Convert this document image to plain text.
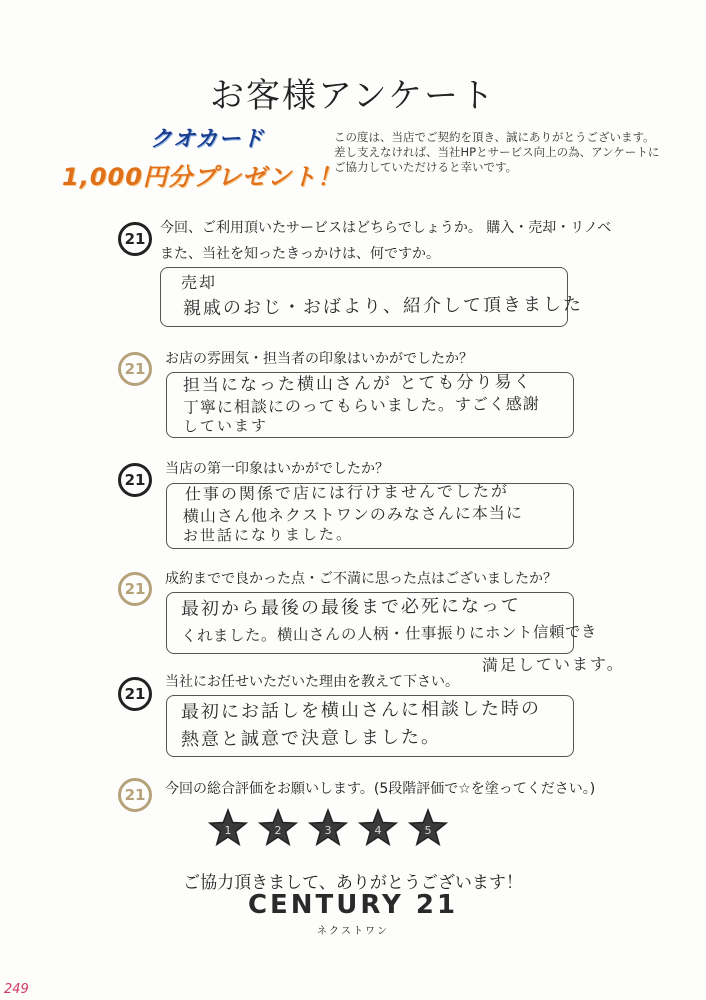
お客様アンケート
クオカード
1,000円分プレゼント！
この度は、当店でご契約を頂き、誠にありがとうございます。差し支えなければ、当社HPとサービス向上の為、アンケートにご協力していただけると幸いです。
21
今回、ご利用頂いたサービスはどちらでしょうか。 購入・売却・リノベ
また、当社を知ったきっかけは、何ですか。
売却
親戚のおじ・おばより、紹介して頂きました
21
お店の雰囲気・担当者の印象はいかがでしたか？
担当になった横山さんが とても分り易く
丁寧に相談にのってもらいました。すごく感謝
しています
21
当店の第一印象はいかがでしたか？
仕事の関係で店には行けませんでしたが
横山さん他ネクストワンのみなさんに本当に
お世話になりました。
21
成約までで良かった点・ご不満に思った点はございましたか？
最初から最後の最後まで必死になって
くれました。横山さんの人柄・仕事振りにホント信頼でき
満足しています。
21
当社にお任せいただいた理由を教えて下さい。
最初にお話しを横山さんに相談した時の
熱意と誠意で決意しました。
21	今回の総合評価をお願いします。(5段階評価で☆を塗ってください。)
1	2	3	4	5
ご協力頂きまして、ありがとうございます！
CENTURY 21
ネクストワン
249
